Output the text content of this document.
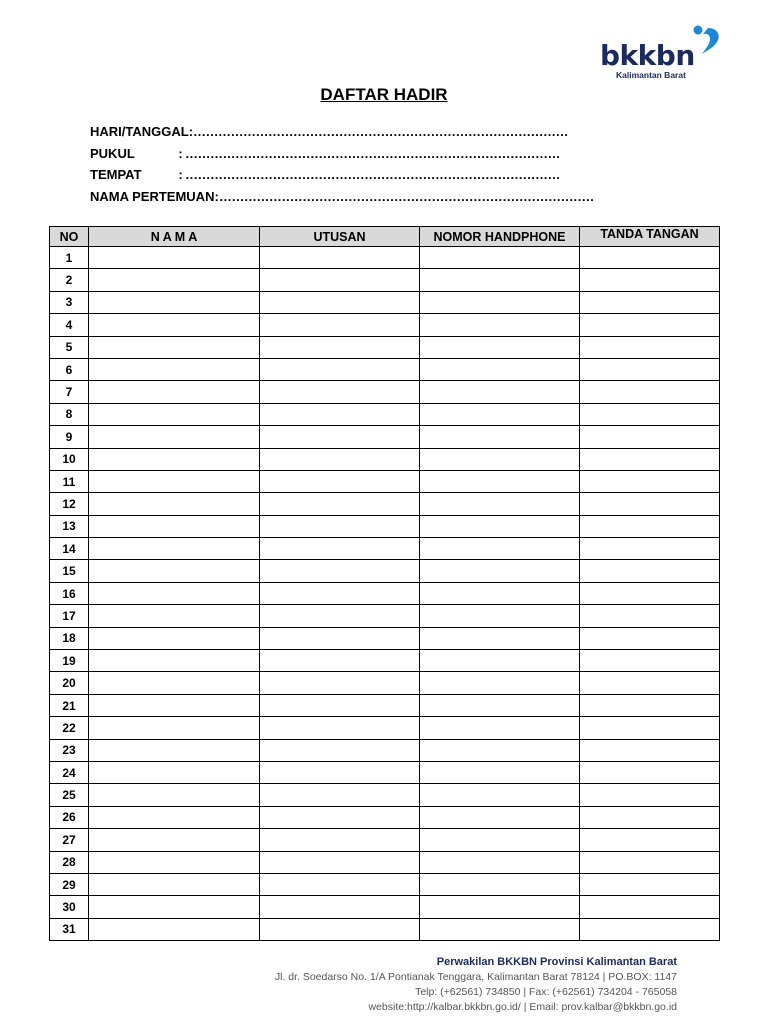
bkkbn
Kalimantan Barat
DAFTAR HADIR
HARI/TANGGAL : ………………………………………………………………………………
PUKUL	: ………………………………………………………………………………
TEMPAT	: ………………………………………………………………………………
NAMA PERTEMUAN : ………………………………………………………………………………
NO	N A M A	UTUSAN	NOMOR HANDPHONE	TANDA TANGAN
1				
2				
3				
4				
5				
6				
7				
8				
9				
10				
11				
12				
13				
14				
15				
16				
17				
18				
19				
20				
21				
22				
23				
24				
25				
26				
27				
28				
29				
30				
31				
Perwakilan BKKBN Provinsi Kalimantan Barat
Jl. dr. Soedarso No. 1/A Pontianak Tenggara, Kalimantan Barat 78124 | PO.BOX: 1147
Telp: (+62561) 734850 | Fax: (+62561) 734204 - 765058
website:http://kalbar.bkkbn.go.id/ | Email: prov.kalbar@bkkbn.go.id
